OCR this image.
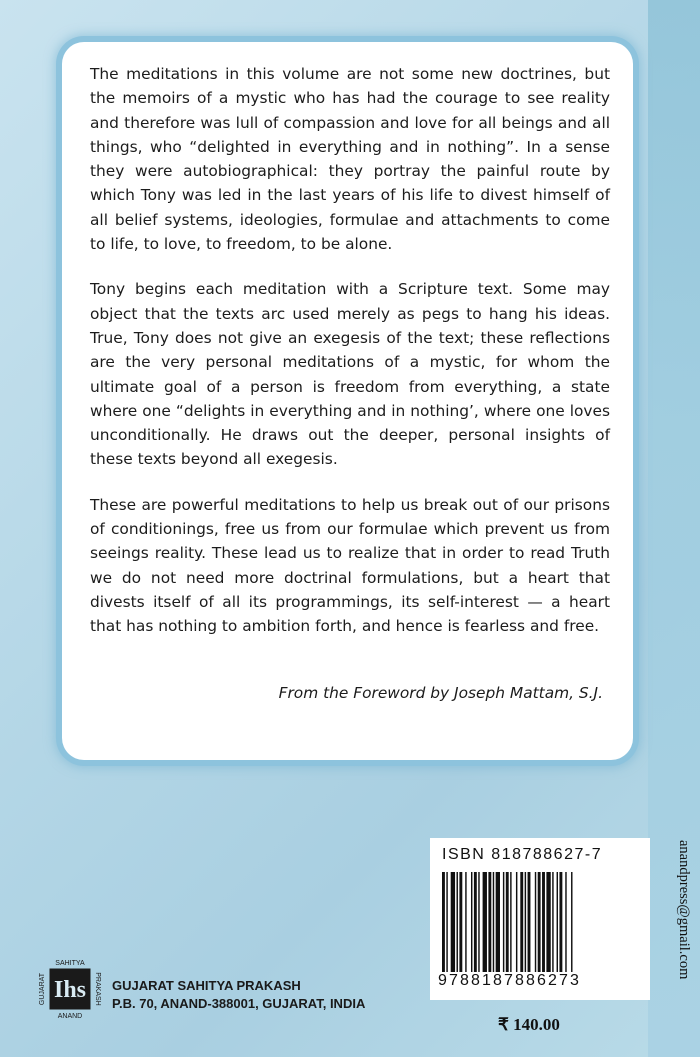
The meditations in this volume are not some new doctrines, but the memoirs of a mystic who has had the courage to see reality and therefore was lull of compassion and love for all beings and all things, who “delighted in everything and in nothing”. In a sense they were autobiographical: they portray the painful route by which Tony was led in the last years of his life to divest himself of all belief systems, ideologies, formulae and attachments to come to life, to love, to freedom, to be alone.

Tony begins each meditation with a Scripture text. Some may object that the texts arc used merely as pegs to hang his ideas. True, Tony does not give an exegesis of the text; these reflections are the very personal meditations of a mystic, for whom the ultimate goal of a person is freedom from everything, a state where one “delights in everything and in nothing’, where one loves unconditionally. He draws out the deeper, personal insights of these texts beyond all exegesis.

These are powerful meditations to help us break out of our prisons of conditionings, free us from our formulae which prevent us from seeings reality. These lead us to realize that in order to read Truth we do not need more doctrinal formulations, but a heart that divests itself of all its programmings, its self-interest — a heart that has nothing to ambition forth, and hence is fearless and free.

From the Foreword by Joseph Mattam, S.J.
ISBN 818788627-7
9788187886273
anandpress@gmail.com
Ihs
SAHITYA
ANAND
GUJARAT	PRAKASH GUJARAT SAHITYA PRAKASH
P.B. 70, ANAND-388001, GUJARAT, INDIA
₹ 140.00
